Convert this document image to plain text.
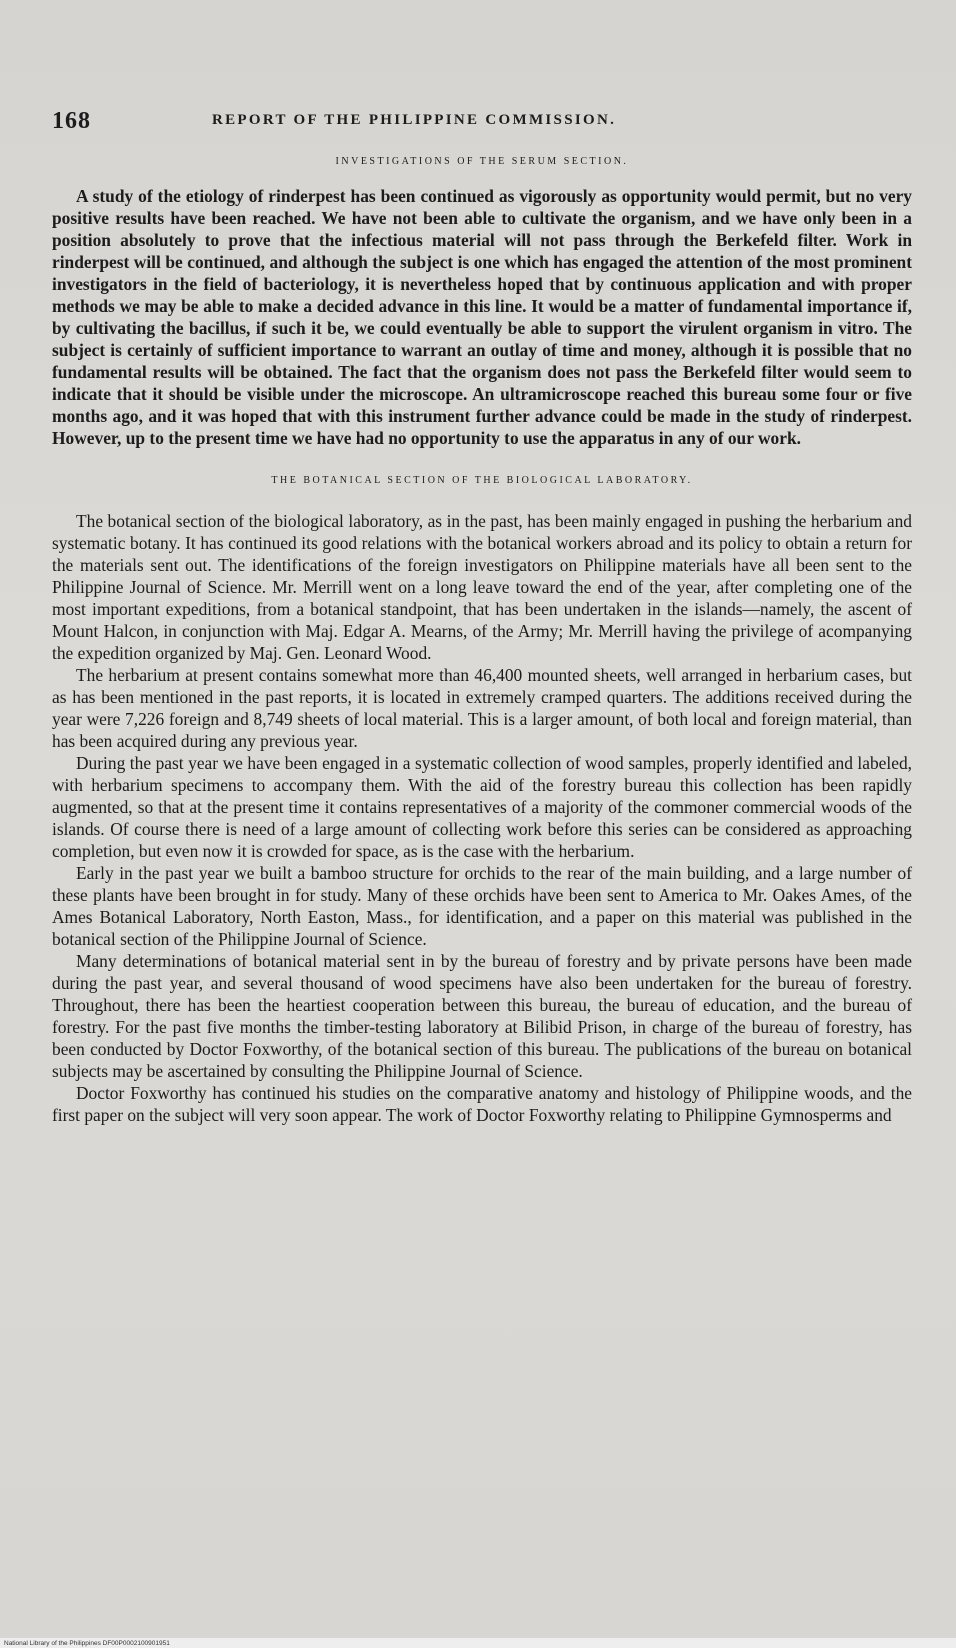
168	REPORT OF THE PHILIPPINE COMMISSION.
INVESTIGATIONS OF THE SERUM SECTION.

A study of the etiology of rinderpest has been continued as vigorously as opportunity would permit, but no very positive results have been reached. We have not been able to cultivate the organism, and we have only been in a position absolutely to prove that the infectious material will not pass through the Berkefeld filter. Work in rinderpest will be continued, and although the subject is one which has engaged the attention of the most prominent investigators in the field of bacteriology, it is nevertheless hoped that by continuous application and with proper methods we may be able to make a decided advance in this line. It would be a matter of fundamental importance if, by cultivating the bacillus, if such it be, we could eventually be able to support the virulent organism in vitro. The subject is certainly of sufficient importance to warrant an outlay of time and money, although it is possible that no fundamental results will be obtained. The fact that the organism does not pass the Berkefeld filter would seem to indicate that it should be visible under the microscope. An ultramicroscope reached this bureau some four or five months ago, and it was hoped that with this instrument further advance could be made in the study of rinderpest. However, up to the present time we have had no opportunity to use the apparatus in any of our work.

THE BOTANICAL SECTION OF THE BIOLOGICAL LABORATORY.

The botanical section of the biological laboratory, as in the past, has been mainly engaged in pushing the herbarium and systematic botany. It has continued its good relations with the botanical workers abroad and its policy to obtain a return for the materials sent out. The identifications of the foreign investigators on Philippine materials have all been sent to the Philippine Journal of Science. Mr. Merrill went on a long leave toward the end of the year, after completing one of the most important expeditions, from a botanical standpoint, that has been undertaken in the islands—namely, the ascent of Mount Halcon, in conjunction with Maj. Edgar A. Mearns, of the Army; Mr. Merrill having the privilege of acompanying the expedition organized by Maj. Gen. Leonard Wood.

The herbarium at present contains somewhat more than 46,400 mounted sheets, well arranged in herbarium cases, but as has been mentioned in the past reports, it is located in extremely cramped quarters. The additions received during the year were 7,226 foreign and 8,749 sheets of local material. This is a larger amount, of both local and foreign material, than has been acquired during any previous year.

During the past year we have been engaged in a systematic collection of wood samples, properly identified and labeled, with herbarium specimens to accompany them. With the aid of the forestry bureau this collection has been rapidly augmented, so that at the present time it contains representatives of a majority of the commoner commercial woods of the islands. Of course there is need of a large amount of collecting work before this series can be considered as approaching completion, but even now it is crowded for space, as is the case with the herbarium.

Early in the past year we built a bamboo structure for orchids to the rear of the main building, and a large number of these plants have been brought in for study. Many of these orchids have been sent to America to Mr. Oakes Ames, of the Ames Botanical Laboratory, North Easton, Mass., for identification, and a paper on this material was published in the botanical section of the Philippine Journal of Science.

Many determinations of botanical material sent in by the bureau of forestry and by private persons have been made during the past year, and several thousand of wood specimens have also been undertaken for the bureau of forestry. Throughout, there has been the heartiest cooperation between this bureau, the bureau of education, and the bureau of forestry. For the past five months the timber-testing laboratory at Bilibid Prison, in charge of the bureau of forestry, has been conducted by Doctor Foxworthy, of the botanical section of this bureau. The publications of the bureau on botanical subjects may be ascertained by consulting the Philippine Journal of Science.

Doctor Foxworthy has continued his studies on the comparative anatomy and histology of Philippine woods, and the first paper on the subject will very soon appear. The work of Doctor Foxworthy relating to Philippine Gymnosperms and

National Library of the Philippines DF00P0002100901951
